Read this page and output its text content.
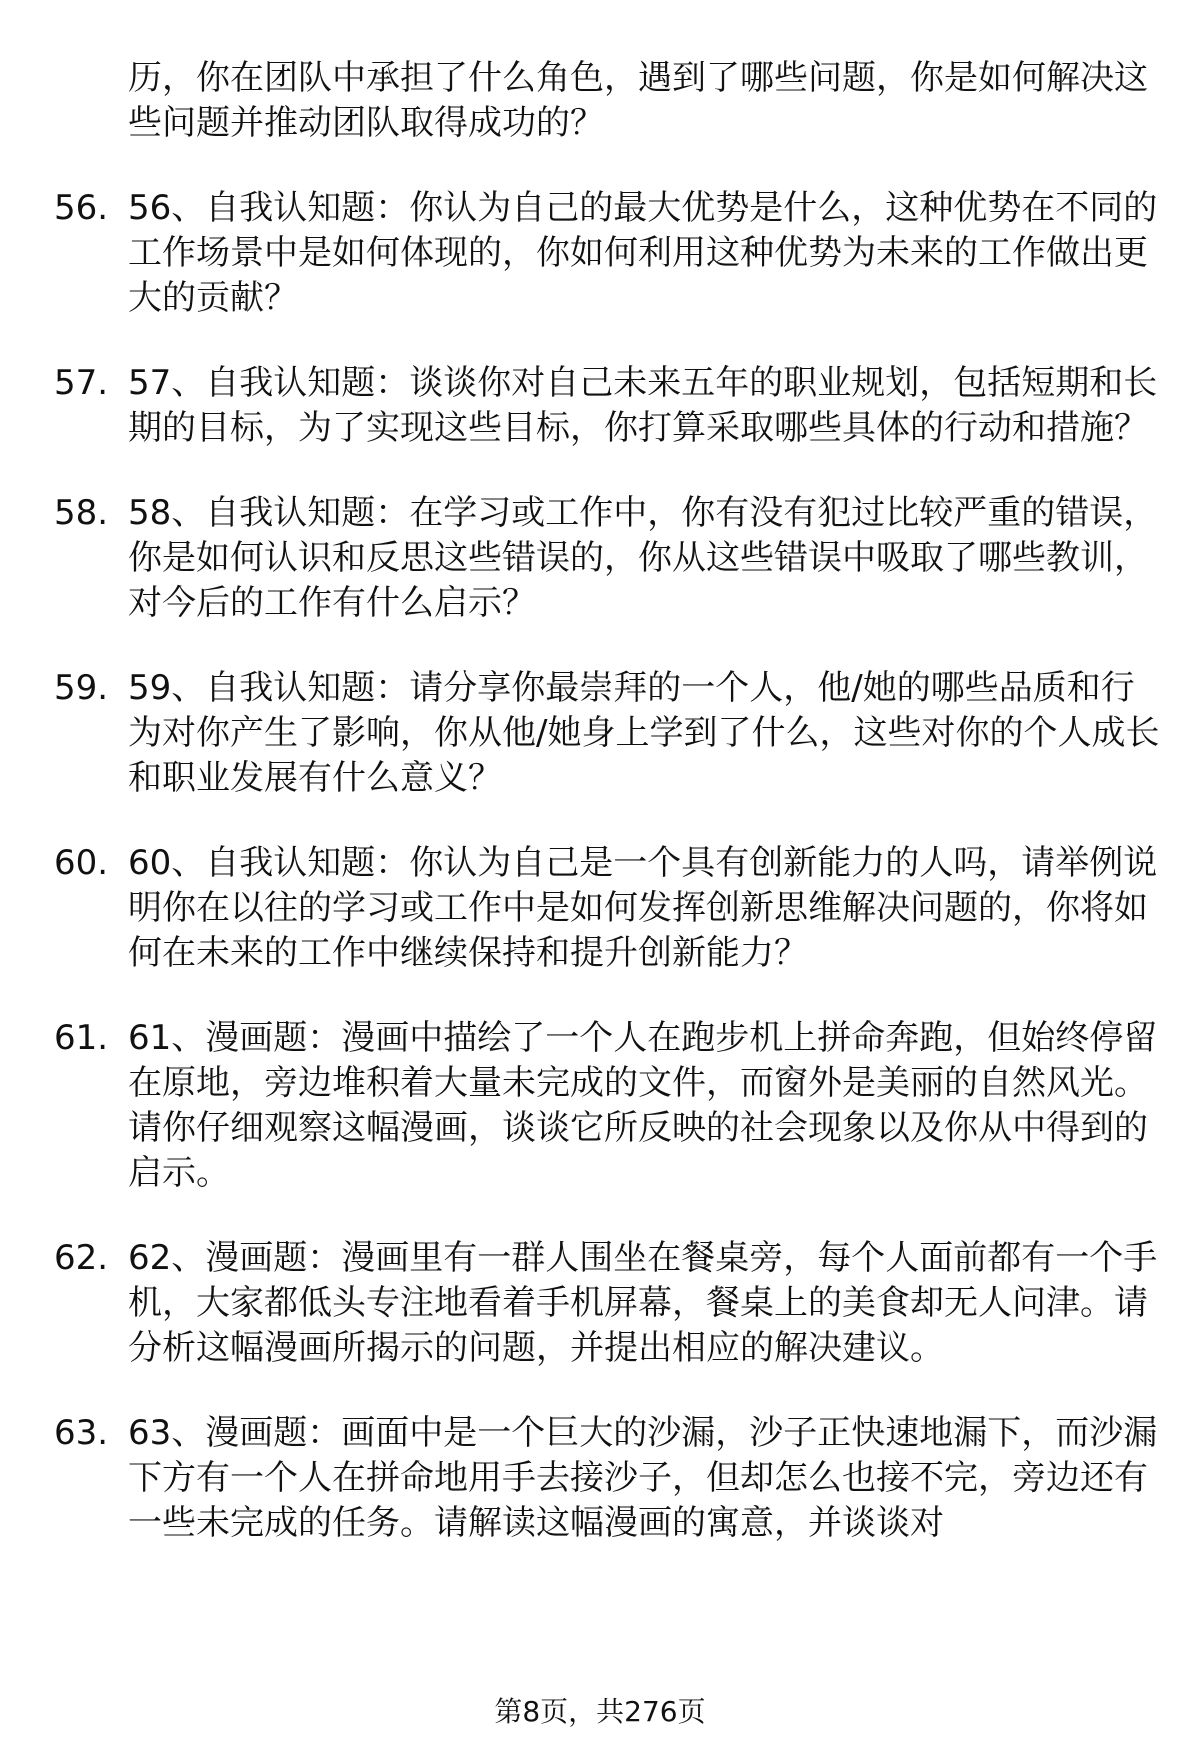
历，你在团队中承担了什么角色，遇到了哪些问题，你是如何解决这些问题并推动团队取得成功的？
56. 56、自我认知题：你认为自己的最大优势是什么，这种优势在不同的工作场景中是如何体现的，你如何利用这种优势为未来的工作做出更大的贡献？
57. 57、自我认知题：谈谈你对自己未来五年的职业规划，包括短期和长期的目标，为了实现这些目标，你打算采取哪些具体的行动和措施？
58. 58、自我认知题：在学习或工作中，你有没有犯过比较严重的错误，你是如何认识和反思这些错误的，你从这些错误中吸取了哪些教训，对今后的工作有什么启示？
59. 59、自我认知题：请分享你最崇拜的一个人，他/她的哪些品质和行为对你产生了影响，你从他/她身上学到了什么，这些对你的个人成长和职业发展有什么意义？
60. 60、自我认知题：你认为自己是一个具有创新能力的人吗，请举例说明你在以往的学习或工作中是如何发挥创新思维解决问题的，你将如何在未来的工作中继续保持和提升创新能力？
61. 61、漫画题：漫画中描绘了一个人在跑步机上拼命奔跑，但始终停留在原地，旁边堆积着大量未完成的文件，而窗外是美丽的自然风光。请你仔细观察这幅漫画，谈谈它所反映的社会现象以及你从中得到的启示。
62. 62、漫画题：漫画里有一群人围坐在餐桌旁，每个人面前都有一个手机，大家都低头专注地看着手机屏幕，餐桌上的美食却无人问津。请分析这幅漫画所揭示的问题，并提出相应的解决建议。
63. 63、漫画题：画面中是一个巨大的沙漏，沙子正快速地漏下，而沙漏下方有一个人在拼命地用手去接沙子，但却怎么也接不完，旁边还有一些未完成的任务。请解读这幅漫画的寓意，并谈谈对
第8页，共276页
